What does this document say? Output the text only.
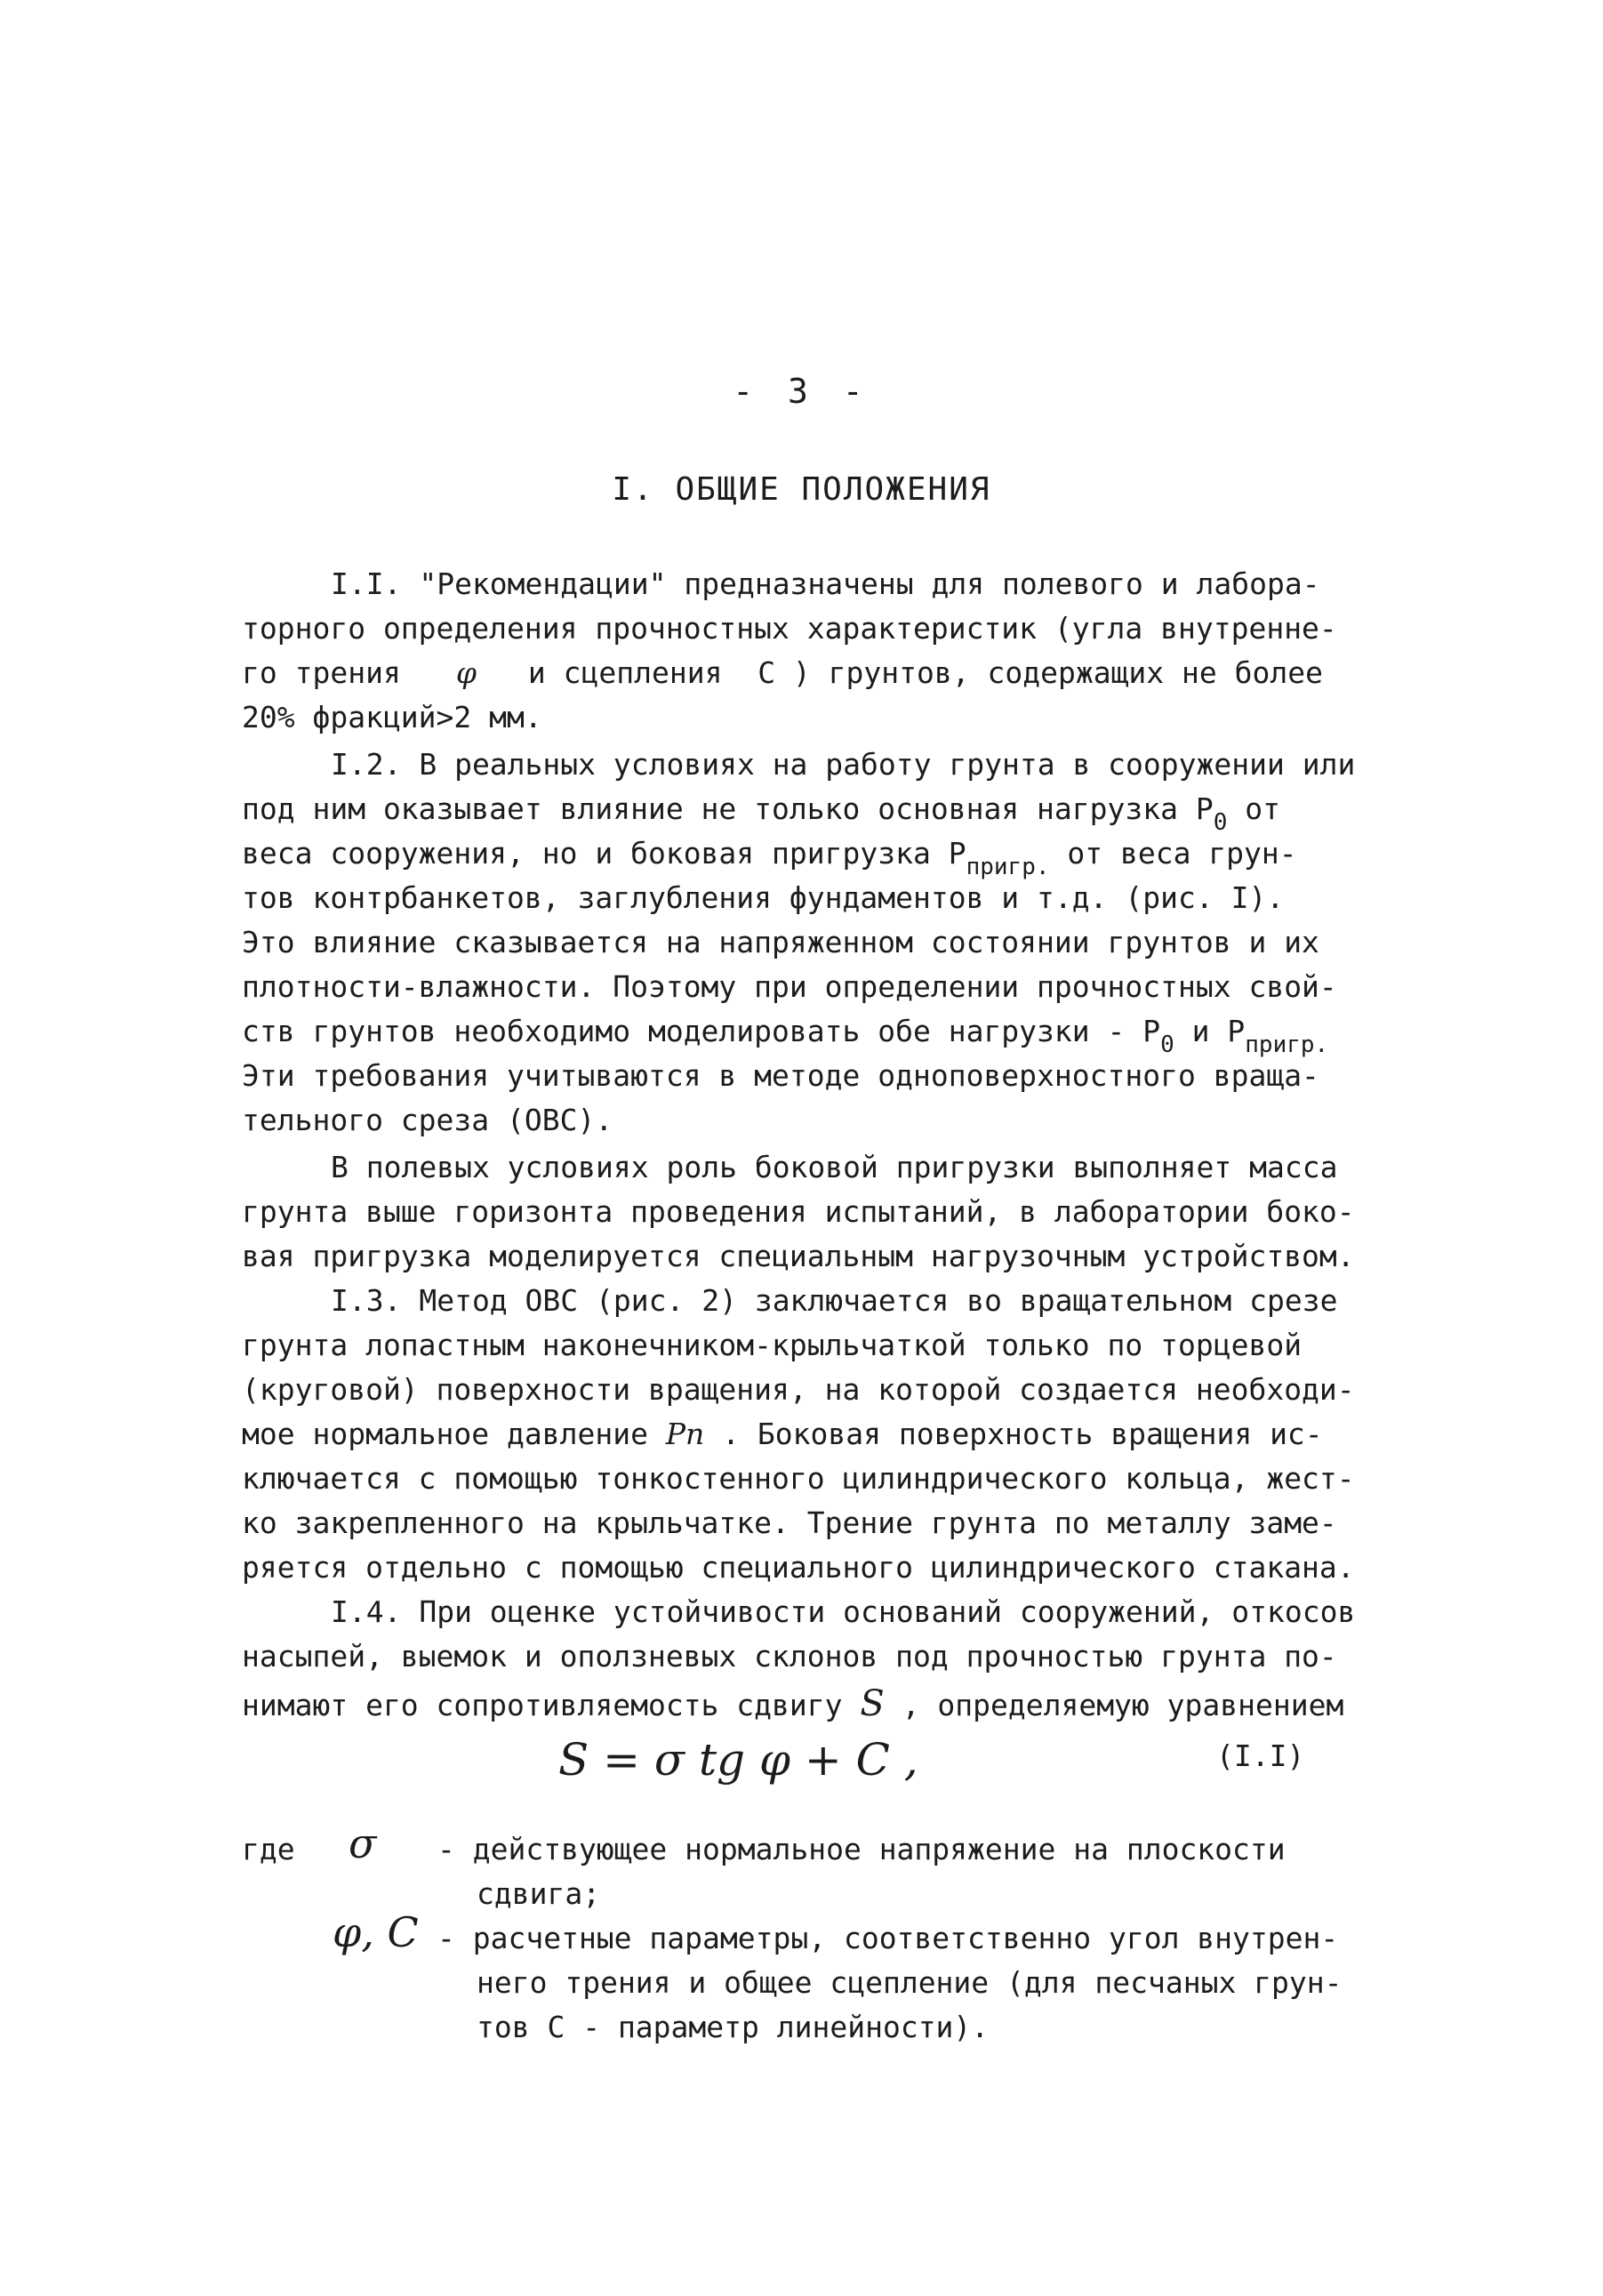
- 3 -
I. ОБЩИЕ ПОЛОЖЕНИЯ
I.I. "Рекомендации" предназначены для полевого и лабора-
торного определения прочностных характеристик (угла внутренне-
го трения φ и сцепления  С ) грунтов, содержащих не более
20% фракций>2 мм.
I.2. В реальных условиях на работу грунта в сооружении или
под ним оказывает влияние не только основная нагрузка $P_0$ от
веса сооружения, но и боковая пригрузка $P_{пригр.}$ от веса грун-
тов контрбанкетов, заглубления фундаментов и т.д. (рис. I).
Это влияние сказывается на напряженном состоянии грунтов и их
плотности-влажности. Поэтому при определении прочностных свой-
ств грунтов необходимо моделировать обе нагрузки - $P_0$ и $P_{пригр.}$
Эти требования учитываются в методе одноповерхностного враща-
тельного среза (ОВС).
В полевых условиях роль боковой пригрузки выполняет масса
грунта выше горизонта проведения испытаний, в лаборатории боко-
вая пригрузка моделируется специальным нагрузочным устройством.
I.3. Метод ОВС (рис. 2) заключается во вращательном срезе
грунта лопастным наконечником-крыльчаткой только по торцевой
(круговой) поверхности вращения, на которой создается необходи-
мое нормальное давление Pn . Боковая поверхность вращения ис-
ключается с помощью тонкостенного цилиндрического кольца, жест-
ко закрепленного на крыльчатке. Трение грунта по металлу заме-
ряется отдельно с помощью специального цилиндрического стакана.
I.4. При оценке устойчивости оснований сооружений, откосов
насыпей, выемок и оползневых склонов под прочностью грунта по-
нимают его сопротивляемость сдвигу S , определяемую уравнением
S = σ tg φ + C ,	(I.I)
где σ - действующее нормальное напряжение на плоскости
сдвига;
φ, C - расчетные параметры, соответственно угол внутрен-
него трения и общее сцепление (для песчаных грун-
тов С - параметр линейности).
